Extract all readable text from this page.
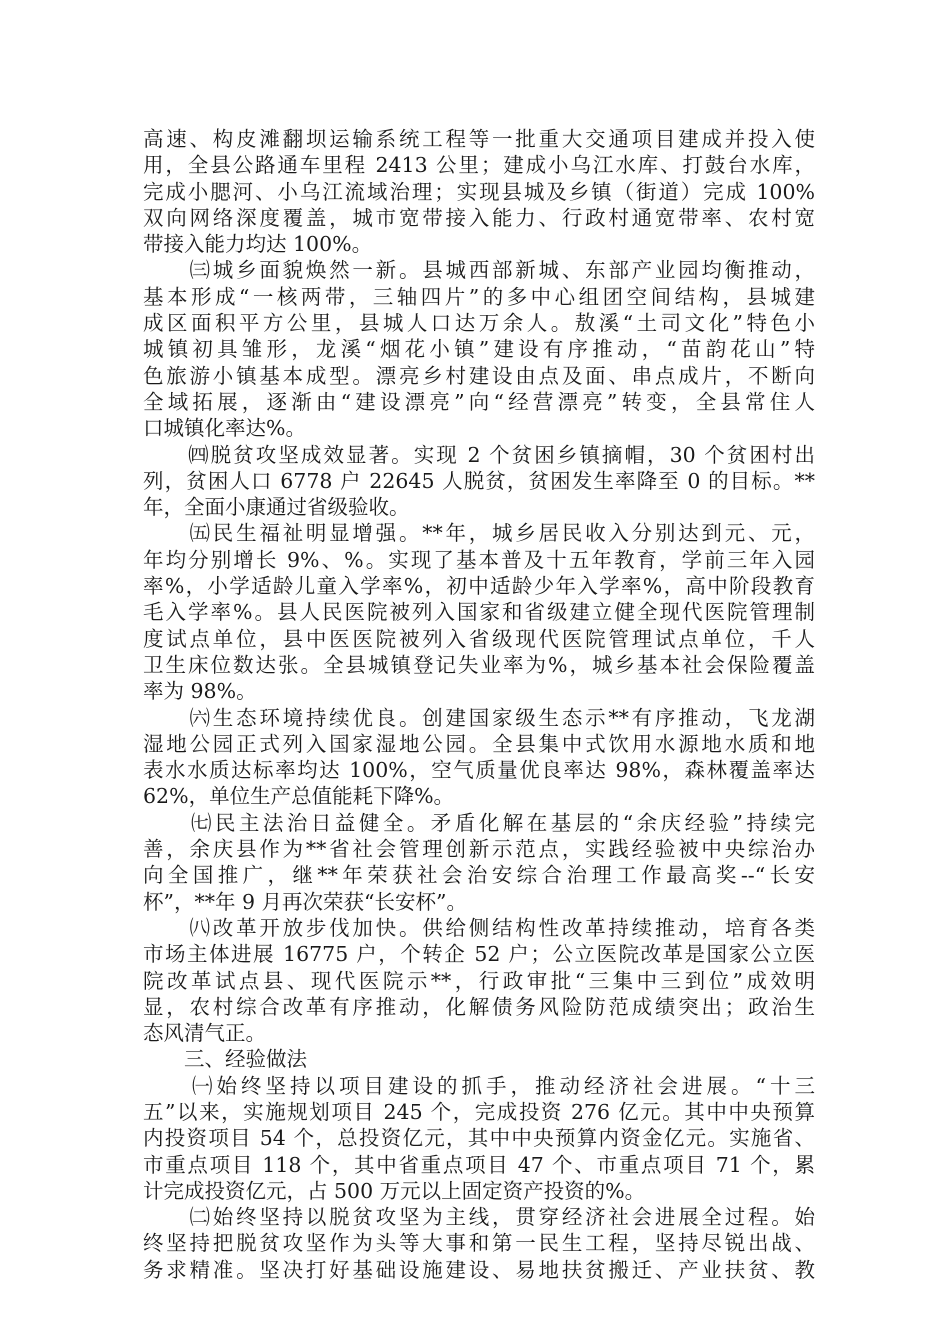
高速、构皮滩翻坝运输系统工程等一批重大交通项目建成并投入使
用，全县公路通车里程 2413 公里；建成小乌江水库、打鼓台水库，
完成小腮河、小乌江流域治理；实现县城及乡镇（街道）完成 100%
双向网络深度覆盖，城市宽带接入能力、行政村通宽带率、农村宽
带接入能力均达 100%。
　　㈢城乡面貌焕然一新。县城西部新城、东部产业园均衡推动，
基本形成“一核两带，三轴四片”的多中心组团空间结构，县城建
成区面积平方公里，县城人口达万余人。敖溪“土司文化”特色小
城镇初具雏形，龙溪“烟花小镇”建设有序推动，“苗韵花山”特
色旅游小镇基本成型。漂亮乡村建设由点及面、串点成片，不断向
全域拓展，逐渐由“建设漂亮”向“经营漂亮”转变，全县常住人
口城镇化率达%。
　　㈣脱贫攻坚成效显著。实现 2 个贫困乡镇摘帽，30 个贫困村出
列，贫困人口 6778 户 22645 人脱贫，贫困发生率降至 0 的目标。**
年，全面小康通过省级验收。
　　㈤民生福祉明显增强。**年，城乡居民收入分别达到元、元，
年均分别增长 9%、%。实现了基本普及十五年教育，学前三年入园
率%，小学适龄儿童入学率%，初中适龄少年入学率%，高中阶段教育
毛入学率%。县人民医院被列入国家和省级建立健全现代医院管理制
度试点单位，县中医医院被列入省级现代医院管理试点单位，千人
卫生床位数达张。全县城镇登记失业率为%，城乡基本社会保险覆盖
率为 98%。
　　㈥生态环境持续优良。创建国家级生态示**有序推动，飞龙湖
湿地公园正式列入国家湿地公园。全县集中式饮用水源地水质和地
表水水质达标率均达 100%，空气质量优良率达 98%，森林覆盖率达
62%，单位生产总值能耗下降%。
　　㈦民主法治日益健全。矛盾化解在基层的“余庆经验”持续完
善，余庆县作为**省社会管理创新示范点，实践经验被中央综治办
向全国推广，继**年荣获社会治安综合治理工作最高奖--“长安
杯”，**年 9 月再次荣获“长安杯”。
　　㈧改革开放步伐加快。供给侧结构性改革持续推动，培育各类
市场主体进展 16775 户，个转企 52 户；公立医院改革是国家公立医
院改革试点县、现代医院示**，行政审批“三集中三到位”成效明
显，农村综合改革有序推动，化解债务风险防范成绩突出；政治生
态风清气正。
　　三、经验做法
　　㈠始终坚持以项目建设的抓手，推动经济社会进展。“十三
五”以来，实施规划项目 245 个，完成投资 276 亿元。其中中央预算
内投资项目 54 个，总投资亿元，其中中央预算内资金亿元。实施省、
市重点项目 118 个，其中省重点项目 47 个、市重点项目 71 个，累
计完成投资亿元，占 500 万元以上固定资产投资的%。
　　㈡始终坚持以脱贫攻坚为主线，贯穿经济社会进展全过程。始
终坚持把脱贫攻坚作为头等大事和第一民生工程，坚持尽锐出战、
务求精准。坚决打好基础设施建设、易地扶贫搬迁、产业扶贫、教
